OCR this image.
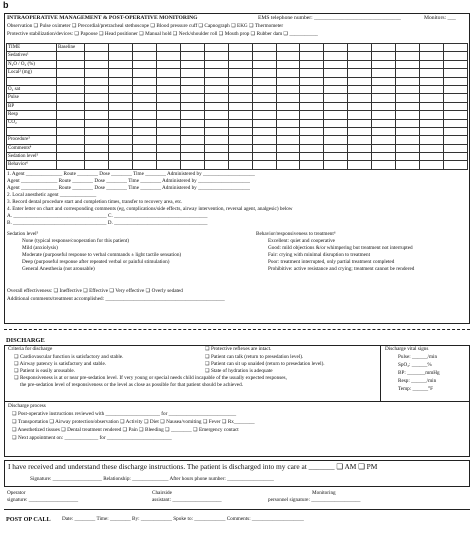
b
INTRAOPERATIVE MANAGEMENT & POST-OPERATIVE MONITORING	EMS telephone number: _______________________________	Monitors: ___
Observation ❑ Pulse oximeter ❑ Precordial/pretracheal stethoscope ❑ Blood pressure cuff ❑ Capnograph ❑ EKG ❑ Thermometer
Protective stabilization/devices: ❑ Papoose ❑ Head positioner ❑ Manual hold ❑ Neck/shoulder roll ❑ Mouth prop ❑ Rubber dam ❑ ___________
TIME	Baseline																
Sedatives¹																	
N₂O / O₂ (%)																	
Local² (mg)																	

O₂ sat																	
Pulse																	
BP																	
Resp																	
CO₂																	

Procedure³																	
Comments⁴																	
Sedation level⁵																	
Behavior⁶																	
1. Agent ______________ Route ________ Dose ________ Time ________ Administered by ____________________
Agent ______________ Route ________ Dose ________ Time ________ Administered by ____________________
Agent ______________ Route ________ Dose ________ Time ________ Administered by ____________________
2. Local anesthetic agent ______________
3. Record dental procedure start and completion times, transfer to recovery area, etc.
4. Enter letter on chart and corresponding comments (eg, complications/side effects, airway intervention, reversal agent, analgesic) below
A. ____________________________________ C. ____________________________________
B. ____________________________________ D. ____________________________________
Sedation level⁵
None (typical response/cooperation for this patient)
Mild (anxiolysis)
Moderate (purposeful response to verbal commands ± light tactile sensation)
Deep (purposeful response after repeated verbal or painful stimulation)
General Anesthesia (not arousable)
Behavior/responsiveness to treatment⁶
Excellent: quiet and cooperative
Good: mild objections &/or whimpering but treatment not interrupted
Fair: crying with minimal disruption to treatment
Poor: treatment interrupted, only partial treatment completed
Prohibitive: active resistance and crying; treatment cannot be rendered
Overall effectiveness: ❑ Ineffective ❑ Effective ❑ Very effective ❑ Overly sedated
Additional comments/treatment accomplished: ______________________________________________
DISCHARGE
Criteria for discharge
❑ Cardiovascular function is satisfactory and stable.
❑ Airway patency is satisfactory and stable.
❑ Patient is easily arousable.
❑ Responsiveness is at or near pre-sedation level. If very young or special needs child incapable of the usually expected responses,
the pre-sedation level of responsiveness or the level as close as possible for that patient should be achieved.
❑ Protective reflexes are intact.
❑ Patient can talk (return to presedation level).
❑ Patient can sit up unaided (return to presedation level).
❑ State of hydration is adequate
Discharge vital signs
Pulse: ______/min
SpO₂: ______%
BP: _______mmHg
Resp: ______/min
Temp: ______°F
Discharge process
❑ Post-operative instructions reviewed with _____________________ for __________________________
❑ Transportation ❑ Airway protection/observation ❑ Activity ❑ Diet ❑ Nausea/vomiting ❑ Fever ❑ Rx________
❑ Anesthetized tissues ❑ Dental treatment rendered ❑ Pain ❑ Bleeding ❑ ________ ❑ Emergency contact
❑ Next appointment on: _____________ for _________________________
I have received and understand these discharge instructions. The patient is discharged into my care at _______ ❑ AM ❑ PM
Signature: ___________________ Relationship: ______________ After hours phone number: __________________
Operator
signature: ___________________
Chairside
assistant: ___________________
Monitoring
personnel signature: ___________________
POST OP CALL Date: ________ Time: ________ By: ____________ Spoke to: ____________ Comments: ____________________
